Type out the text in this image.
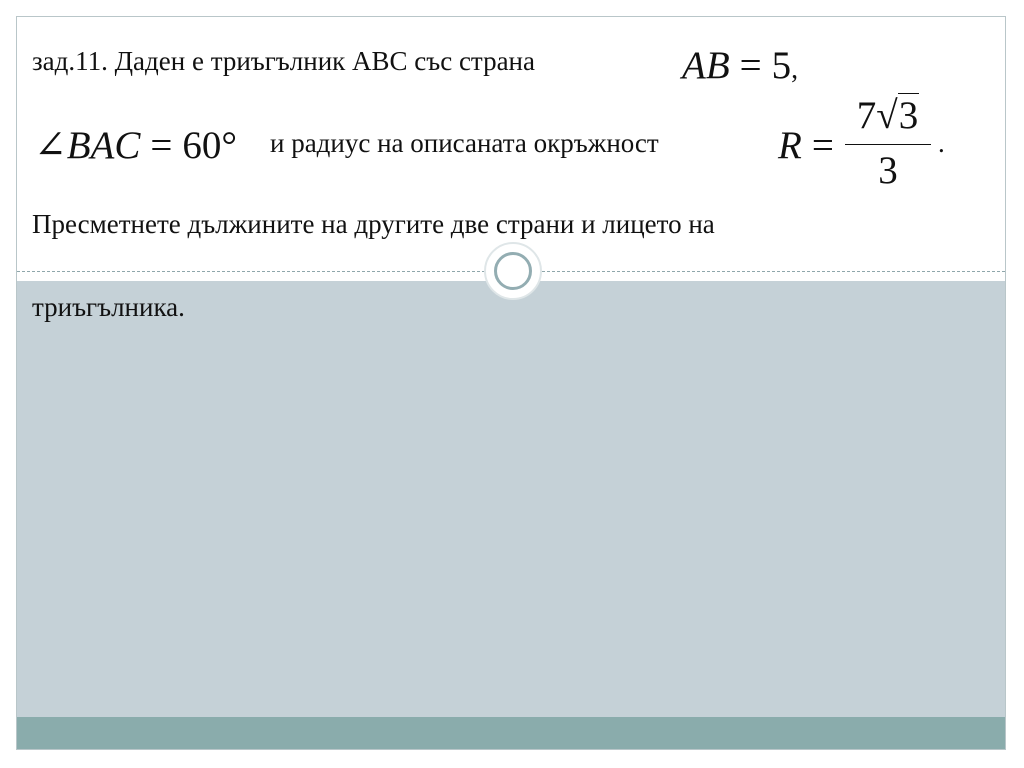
зад.11. Даден е триъгълник АВС със страна	AB = 5,
∠BAC = 60° и радиус на описаната окръжност	R =
7√3
3
.
Пресметнете дължините на другите две страни и лицето на
триъгълника.
